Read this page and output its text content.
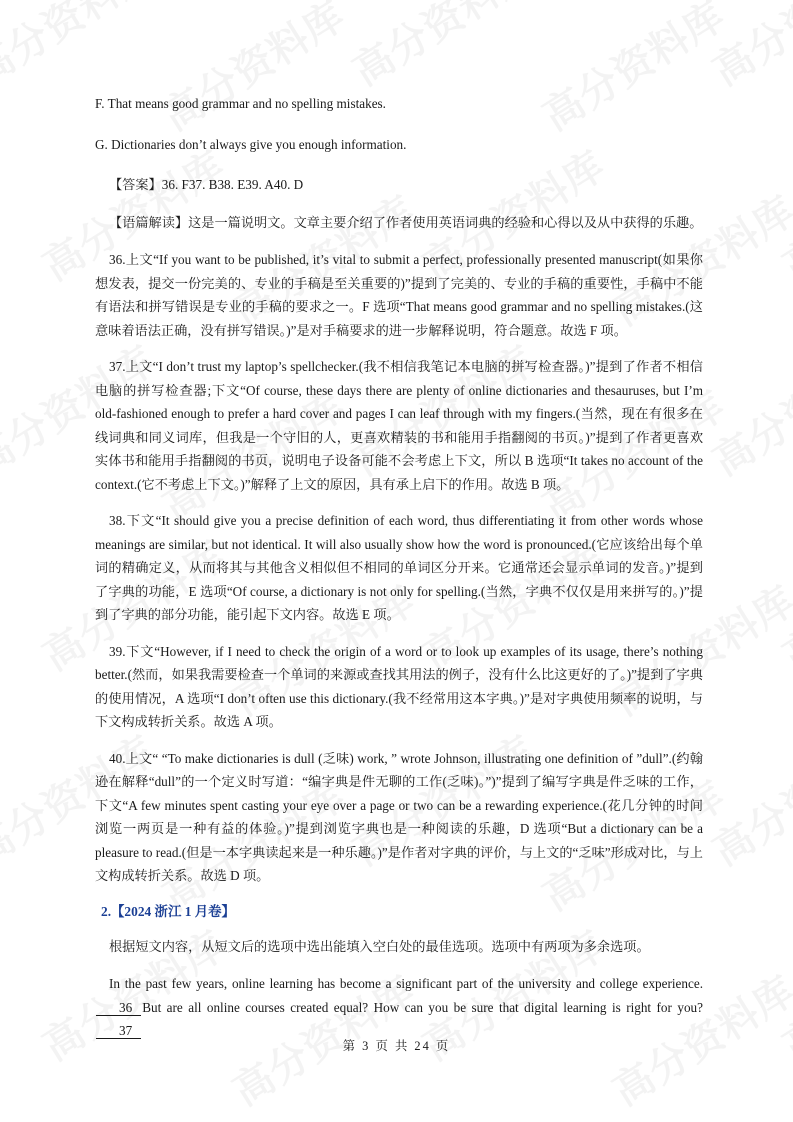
F. That means good grammar and no spelling mistakes.

G. Dictionaries don’t always give you enough information.

【答案】36. F37. B38. E39. A40. D

【语篇解读】这是一篇说明文。文章主要介绍了作者使用英语词典的经验和心得以及从中获得的乐趣。

36.上文“If you want to be published, it’s vital to submit a perfect, professionally presented manuscript(如果你想发表，提交一份完美的、专业的手稿是至关重要的)”提到了完美的、专业的手稿的重要性，手稿中不能有语法和拼写错误是专业的手稿的要求之一。F 选项“That means good grammar and no spelling mistakes.(这意味着语法正确，没有拼写错误。)”是对手稿要求的进一步解释说明，符合题意。故选 F 项。

37.上文“I don’t trust my laptop’s spellchecker.(我不相信我笔记本电脑的拼写检查器。)”提到了作者不相信电脑的拼写检查器;下文“Of course, these days there are plenty of online dictionaries and thesauruses, but I’m old-fashioned enough to prefer a hard cover and pages I can leaf through with my fingers.(当然，现在有很多在线词典和同义词库，但我是一个守旧的人，更喜欢精装的书和能用手指翻阅的书页。)”提到了作者更喜欢实体书和能用手指翻阅的书页，说明电子设备可能不会考虑上下文，所以 B 选项“It takes no account of the context.(它不考虑上下文。)”解释了上文的原因，具有承上启下的作用。故选 B 项。

38.下文“It should give you a precise definition of each word, thus differentiating it from other words whose meanings are similar, but not identical. It will also usually show how the word is pronounced.(它应该给出每个单词的精确定义，从而将其与其他含义相似但不相同的单词区分开来。它通常还会显示单词的发音。)”提到了字典的功能，E 选项“Of course, a dictionary is not only for spelling.(当然，字典不仅仅是用来拼写的。)”提到了字典的部分功能，能引起下文内容。故选 E 项。

39.下文“However, if I need to check the origin of a word or to look up examples of its usage, there’s nothing better.(然而，如果我需要检查一个单词的来源或查找其用法的例子，没有什么比这更好的了。)”提到了字典的使用情况，A 选项“I don’t often use this dictionary.(我不经常用这本字典。)”是对字典使用频率的说明，与下文构成转折关系。故选 A 项。

40.上文“ “To make dictionaries is dull (乏味) work, ” wrote Johnson, illustrating one definition of ”dull”.(约翰逊在解释“dull”的一个定义时写道：“编字典是件无聊的工作(乏味)。”)”提到了编写字典是件乏味的工作，下文“A few minutes spent casting your eye over a page or two can be a rewarding experience.(花几分钟的时间浏览一两页是一种有益的体验。)”提到浏览字典也是一种阅读的乐趣，D 选项“But a dictionary can be a pleasure to read.(但是一本字典读起来是一种乐趣。)”是作者对字典的评价，与上文的“乏味”形成对比，与上文构成转折关系。故选 D 项。

2.【2024 浙江 1 月卷】

根据短文内容，从短文后的选项中选出能填入空白处的最佳选项。选项中有两项为多余选项。

In the past few years, online learning has become a significant part of the university and college experience.36 But are all online courses created equal? How can you be sure that digital learning is right for you?37

第 3 页 共 24 页
